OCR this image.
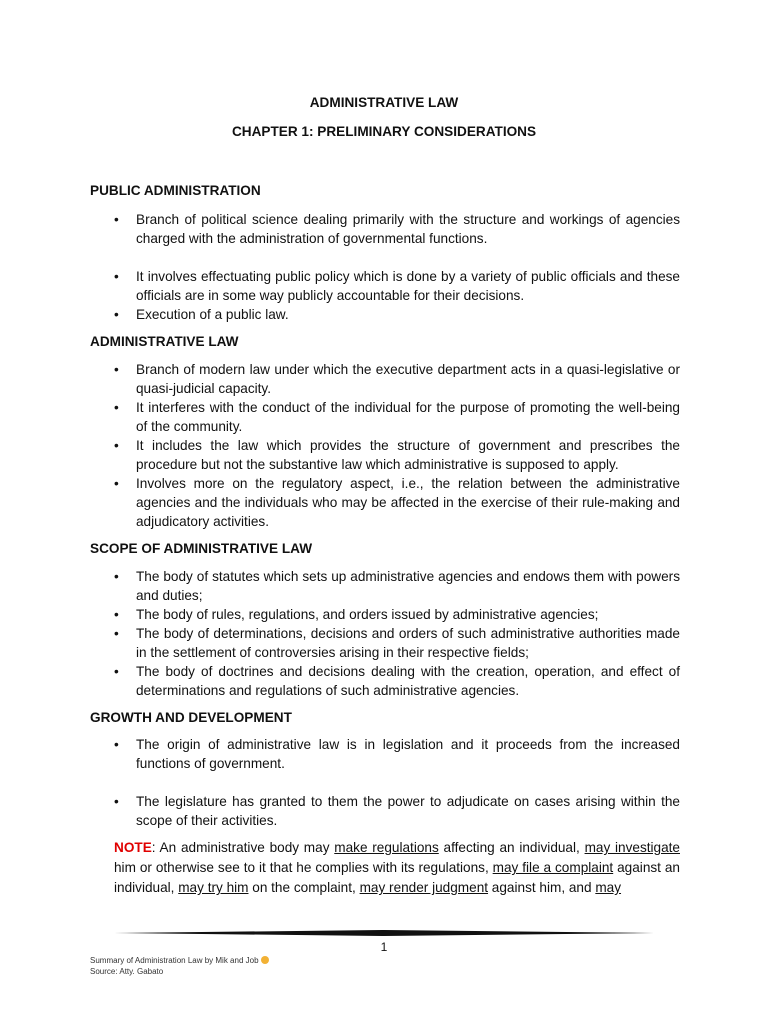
ADMINISTRATIVE LAW
CHAPTER 1: PRELIMINARY CONSIDERATIONS
PUBLIC ADMINISTRATION
• Branch of political science dealing primarily with the structure and workings of agencies charged with the administration of governmental functions.
• It involves effectuating public policy which is done by a variety of public officials and these officials are in some way publicly accountable for their decisions.
• Execution of a public law.
ADMINISTRATIVE LAW
• Branch of modern law under which the executive department acts in a quasi-legislative or quasi-judicial capacity.
• It interferes with the conduct of the individual for the purpose of promoting the well-being of the community.
• It includes the law which provides the structure of government and prescribes the procedure but not the substantive law which administrative is supposed to apply.
• Involves more on the regulatory aspect, i.e., the relation between the administrative agencies and the individuals who may be affected in the exercise of their rule-making and adjudicatory activities.
SCOPE OF ADMINISTRATIVE LAW
• The body of statutes which sets up administrative agencies and endows them with powers and duties;
• The body of rules, regulations, and orders issued by administrative agencies;
• The body of determinations, decisions and orders of such administrative authorities made in the settlement of controversies arising in their respective fields;
• The body of doctrines and decisions dealing with the creation, operation, and effect of determinations and regulations of such administrative agencies.
GROWTH AND DEVELOPMENT
• The origin of administrative law is in legislation and it proceeds from the increased functions of government.
• The legislature has granted to them the power to adjudicate on cases arising within the scope of their activities.
NOTE: An administrative body may make regulations affecting an individual, may investigate him or otherwise see to it that he complies with its regulations, may file a complaint against an individual, may try him on the complaint, may render judgment against him, and may
1
Summary of Administration Law by Mik and Job
Source: Atty. Gabato
